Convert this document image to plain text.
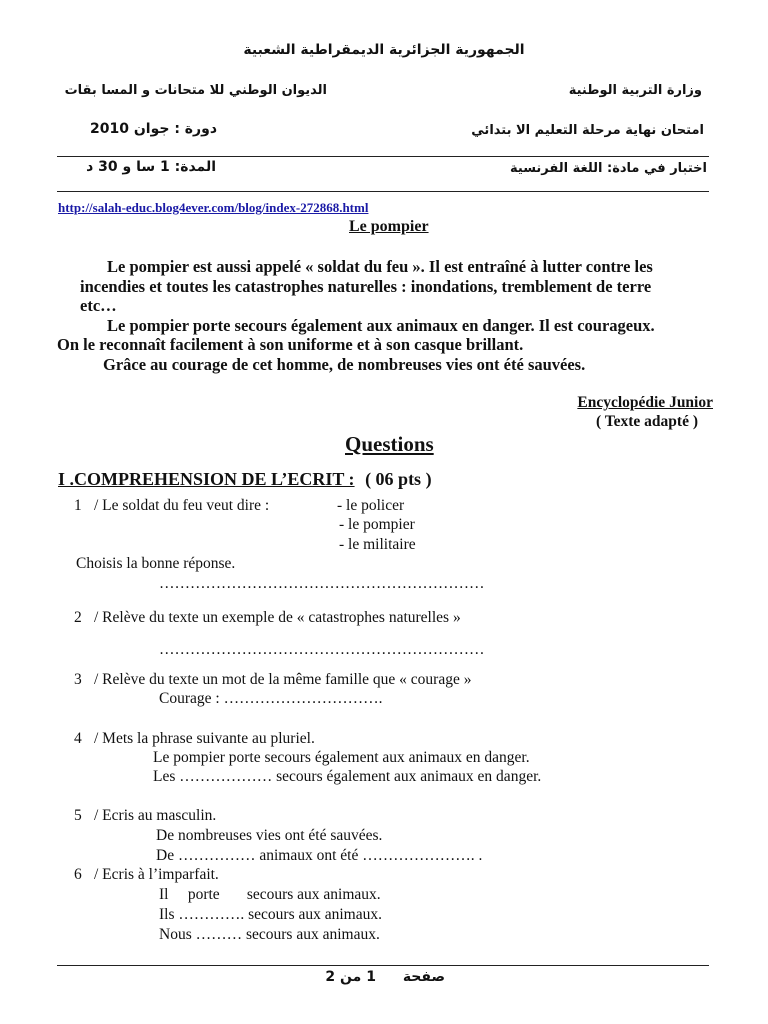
الجمهورية الجزائرية الديمقراطية الشعبية
وزارة التربية الوطنية
الديوان الوطني للا متحانات و المسا بقات
امتحان نهاية مرحلة التعليم الا بتدائي
دورة : جوان 2010
اختبار في مادة: اللغة الفرنسية
المدة: 1 سا و 30 د
http://salah-educ.blog4ever.com/blog/index-272868.html
Le pompier

Le pompier est aussi appelé « soldat du feu ». Il est entraîné à lutter contre les

incendies et toutes les catastrophes naturelles : inondations, tremblement de terre

etc…

Le pompier porte secours également aux animaux en danger. Il est courageux.

On le reconnaît facilement à son uniforme et à son casque brillant.

Grâce au courage de cet homme, de nombreuses vies ont été sauvées.

Encyclopédie Junior
( Texte adapté )
Questions
I .COMPREHENSION DE L’ECRIT : ( 06 pts )
1 / Le soldat du feu veut dire :	- le policer
- le pompier
- le militaire
Choisis la bonne réponse.
………………………………………………………
2 / Relève du texte un exemple de « catastrophes naturelles »
………………………………………………………
3 / Relève du texte un mot de la même famille que « courage »
Courage : ………………………….
4 / Mets la phrase suivante au pluriel.
Le pompier porte secours également aux animaux en danger.
Les ……………… secours également aux animaux en danger.
5 / Ecris au masculin.
De nombreuses vies ont été sauvées.
De …………… animaux ont été …………………. .
6 / Ecris à l’imparfait.
Il     porte       secours aux animaux.
Ils …………. secours aux animaux.
Nous ……… secours aux animaux.
صفحة 1 من 2
